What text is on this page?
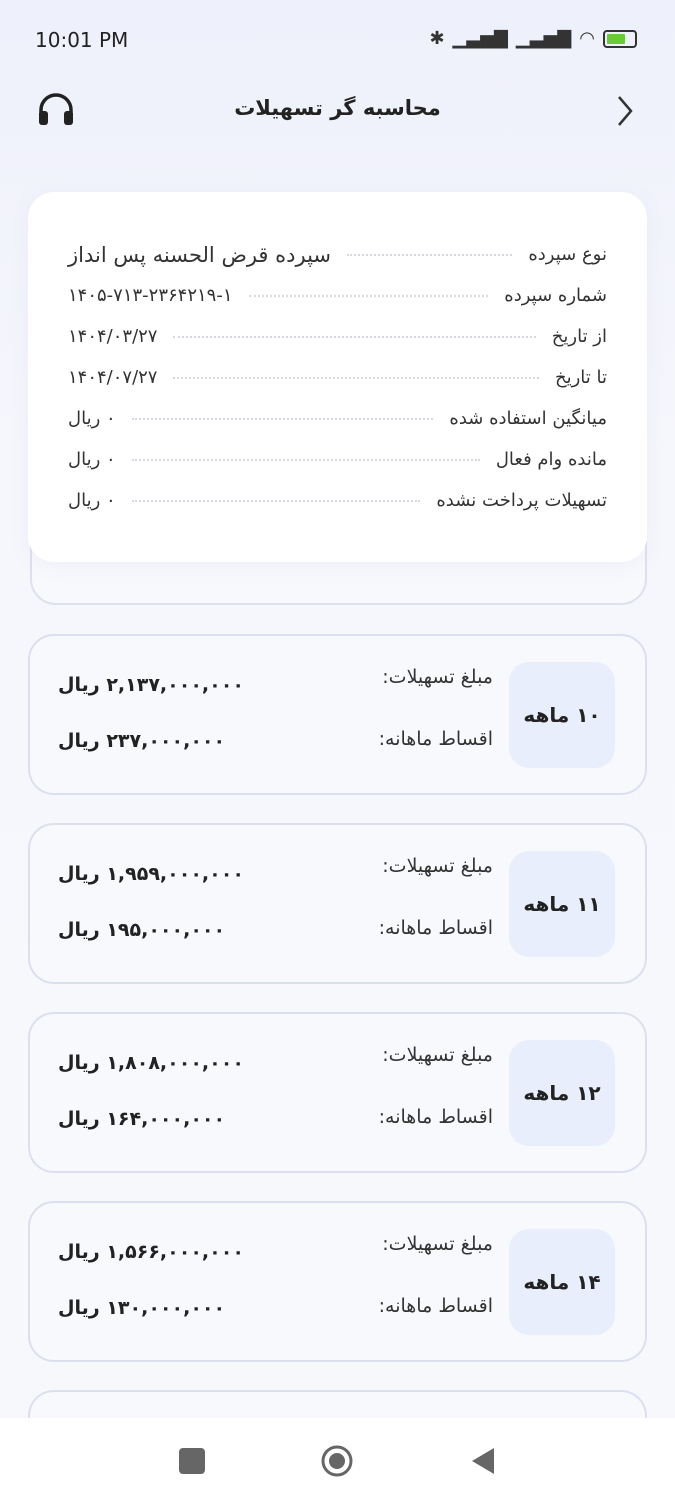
10:01 PM	✱ ▁▃▅▇ ▁▃▅▇ ◠
محاسبه گر تسهیلات
نوع سپرده
سپرده قرض الحسنه پس انداز
شماره سپرده
۱۴۰۵-۷۱۳-۲۳۶۴۲۱۹-۱
از تاریخ
۱۴۰۴/۰۳/۲۷
تا تاریخ
۱۴۰۴/۰۷/۲۷
میانگین استفاده شده
۰ ریال
مانده وام فعال
۰ ریال
تسهیلات پرداخت نشده
۰ ریال
۱۰ ماهه
مبلغ تسهیلات:
اقساط ماهانه:
۲,۱۳۷,۰۰۰,۰۰۰ ریال
۲۳۷,۰۰۰,۰۰۰ ریال
۱۱ ماهه
مبلغ تسهیلات:
اقساط ماهانه:
۱,۹۵۹,۰۰۰,۰۰۰ ریال
۱۹۵,۰۰۰,۰۰۰ ریال
۱۲ ماهه
مبلغ تسهیلات:
اقساط ماهانه:
۱,۸۰۸,۰۰۰,۰۰۰ ریال
۱۶۴,۰۰۰,۰۰۰ ریال
۱۴ ماهه
مبلغ تسهیلات:
اقساط ماهانه:
۱,۵۶۶,۰۰۰,۰۰۰ ریال
۱۳۰,۰۰۰,۰۰۰ ریال
